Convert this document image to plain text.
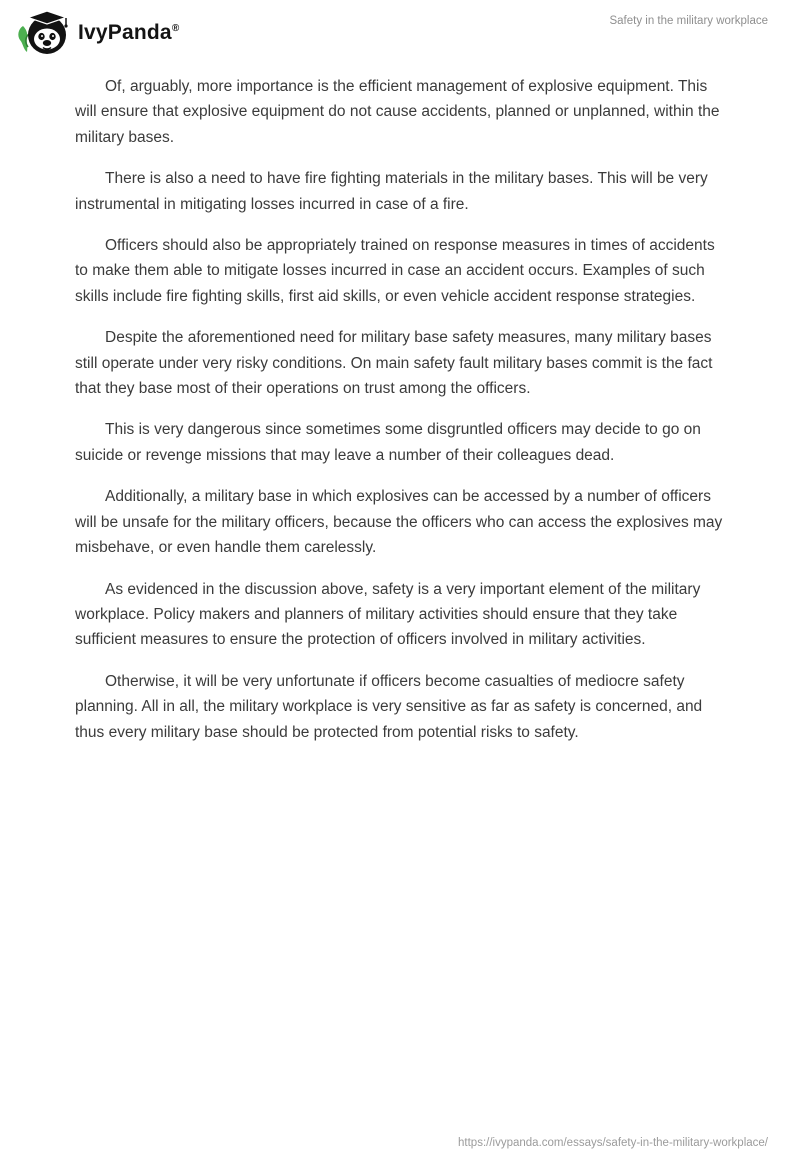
IvyPanda®
Safety in the military workplace

Of, arguably, more importance is the efficient management of explosive equipment. This will ensure that explosive equipment do not cause accidents, planned or unplanned, within the military bases.

There is also a need to have fire fighting materials in the military bases. This will be very instrumental in mitigating losses incurred in case of a fire.

Officers should also be appropriately trained on response measures in times of accidents to make them able to mitigate losses incurred in case an accident occurs. Examples of such skills include fire fighting skills, first aid skills, or even vehicle accident response strategies.

Despite the aforementioned need for military base safety measures, many military bases still operate under very risky conditions. On main safety fault military bases commit is the fact that they base most of their operations on trust among the officers.

This is very dangerous since sometimes some disgruntled officers may decide to go on suicide or revenge missions that may leave a number of their colleagues dead.

Additionally, a military base in which explosives can be accessed by a number of officers will be unsafe for the military officers, because the officers who can access the explosives may misbehave, or even handle them carelessly.

As evidenced in the discussion above, safety is a very important element of the military workplace. Policy makers and planners of military activities should ensure that they take sufficient measures to ensure the protection of officers involved in military activities.

Otherwise, it will be very unfortunate if officers become casualties of mediocre safety planning. All in all, the military workplace is very sensitive as far as safety is concerned, and thus every military base should be protected from potential risks to safety.

https://ivypanda.com/essays/safety-in-the-military-workplace/
